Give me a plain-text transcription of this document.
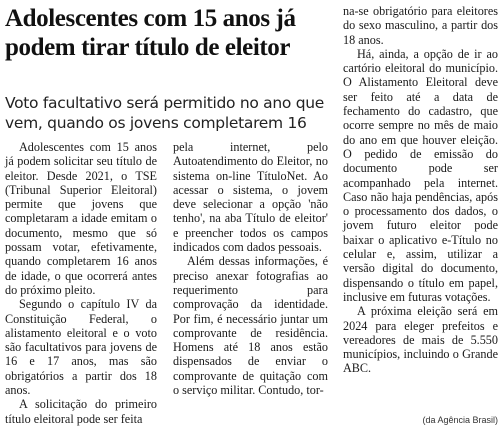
Adolescentes com 15 anos já podem tirar título de eleitor
Voto facultativo será permitido no ano que vem, quando os jovens completarem 16

Adolescentes com 15 anos já podem solicitar seu título de eleitor. Desde 2021, o TSE (Tribunal Superior Eleitoral) permite que jovens que completaram a idade emitam o documento, mesmo que só possam votar, efetivamente, quando completarem 16 anos de idade, o que ocorrerá antes do próximo pleito.

Segundo o capítulo IV da Constituição Federal, o alistamento eleitoral e o voto são facultativos para jovens de 16 e 17 anos, mas são obrigatórios a partir dos 18 anos.

A solicitação do primeiro título eleitoral pode ser feita

pela internet, pelo Autoatendimento do Eleitor, no sistema on-line TítuloNet. Ao acessar o sistema, o jovem deve selecionar a opção 'não tenho', na aba Título de eleitor' e preencher todos os campos indicados com dados pessoais.

Além dessas informações, é preciso anexar fotografias ao requerimento para comprovação da identidade. Por fim, é necessário juntar um comprovante de residência. Homens até 18 anos estão dispensados de enviar o comprovante de quitação com o serviço militar. Contudo, tor-

na-se obrigatório para eleitores do sexo masculino, a partir dos 18 anos.

Há, ainda, a opção de ir ao cartório eleitoral do município. O Alistamento Eleitoral deve ser feito até a data de fechamento do cadastro, que ocorre sempre no mês de maio do ano em que houver eleição. O pedido de emissão do documento pode ser acompanhado pela internet. Caso não haja pendências, após o processamento dos dados, o jovem futuro eleitor pode baixar o aplicativo e-Título no celular e, assim, utilizar a versão digital do documento, dispensando o título em papel, inclusive em futuras votações.

A próxima eleição será em 2024 para eleger prefeitos e vereadores de mais de 5.550 municípios, incluindo o Grande ABC.

(da Agência Brasil)
